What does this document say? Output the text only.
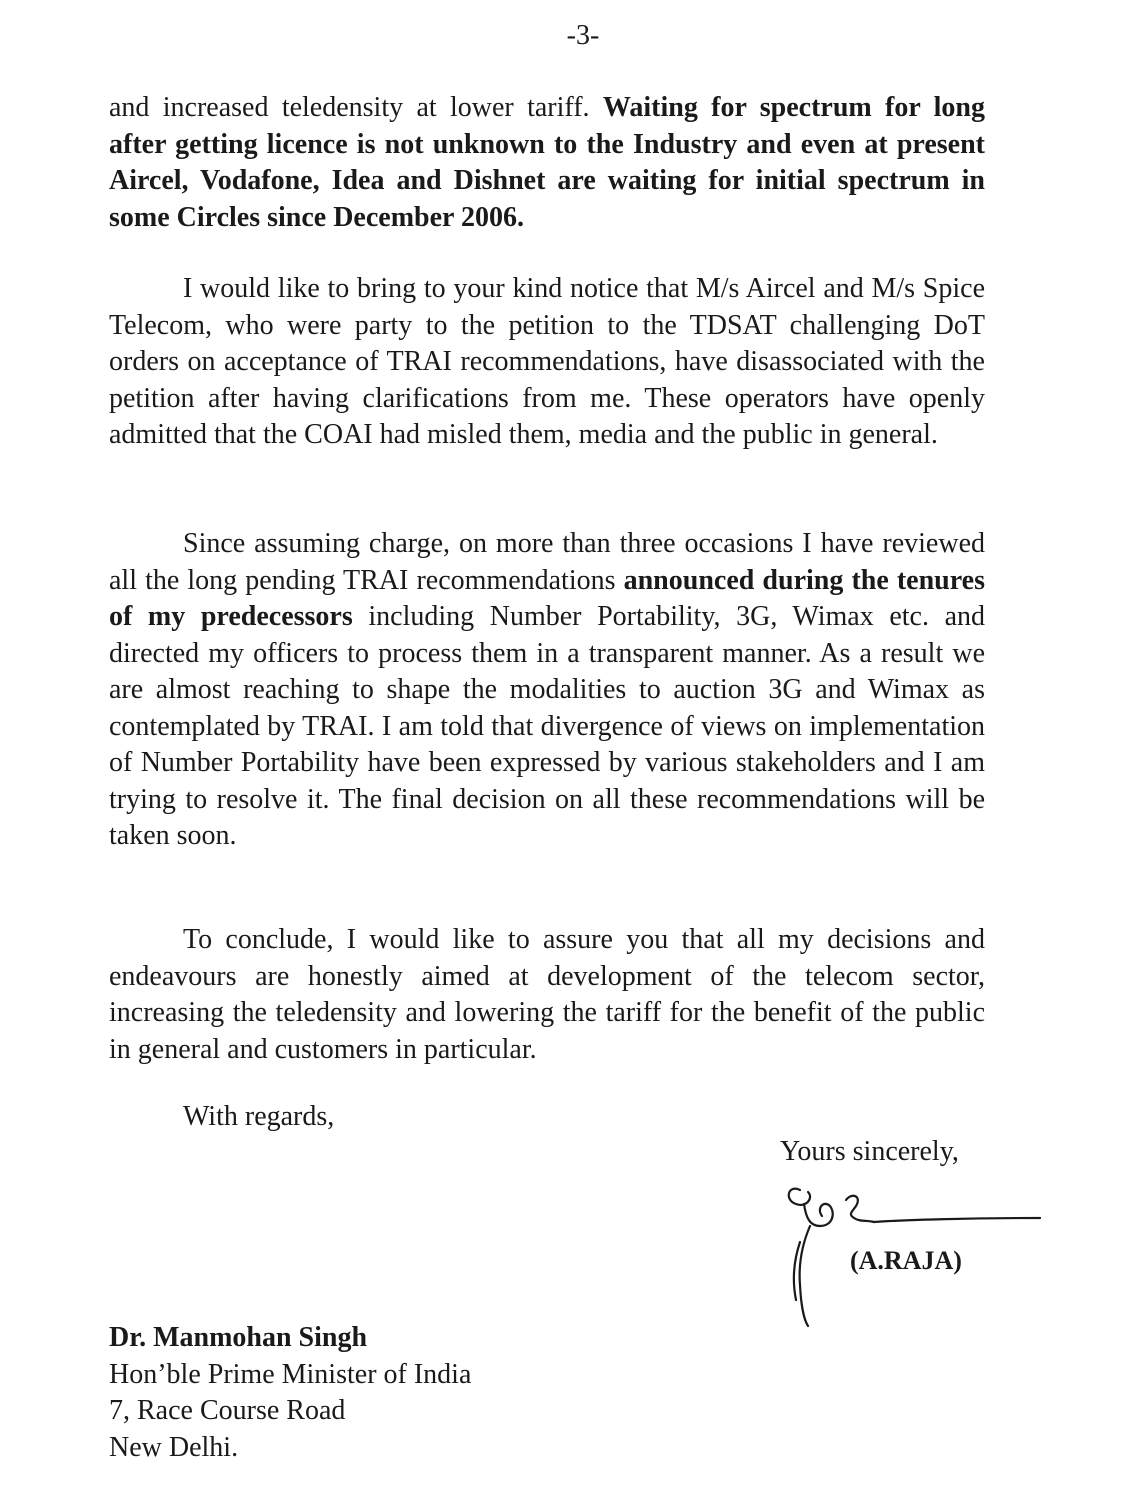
-3-

and increased teledensity at lower tariff. Waiting for spectrum for long after getting licence is not unknown to the Industry and even at present Aircel, Vodafone, Idea and Dishnet are waiting for initial spectrum in some Circles since December 2006.

I would like to bring to your kind notice that M/s Aircel and M/s Spice Telecom, who were party to the petition to the TDSAT challenging DoT orders on acceptance of TRAI recommendations, have disassociated with the petition after having clarifications from me. These operators have openly admitted that the COAI had misled them, media and the public in general.

Since assuming charge, on more than three occasions I have reviewed all the long pending TRAI recommendations announced during the tenures of my predecessors including Number Portability, 3G, Wimax etc. and directed my officers to process them in a transparent manner. As a result we are almost reaching to shape the modalities to auction 3G and Wimax as contemplated by TRAI. I am told that divergence of views on implementation of Number Portability have been expressed by various stakeholders and I am trying to resolve it. The final decision on all these recommendations will be taken soon.

To conclude, I would like to assure you that all my decisions and endeavours are honestly aimed at development of the telecom sector, increasing the teledensity and lowering the tariff for the benefit of the public in general and customers in particular.

With regards,
Yours sincerely,
(A.RAJA)
Dr. Manmohan Singh
Hon’ble Prime Minister of India
7, Race Course Road
New Delhi.
